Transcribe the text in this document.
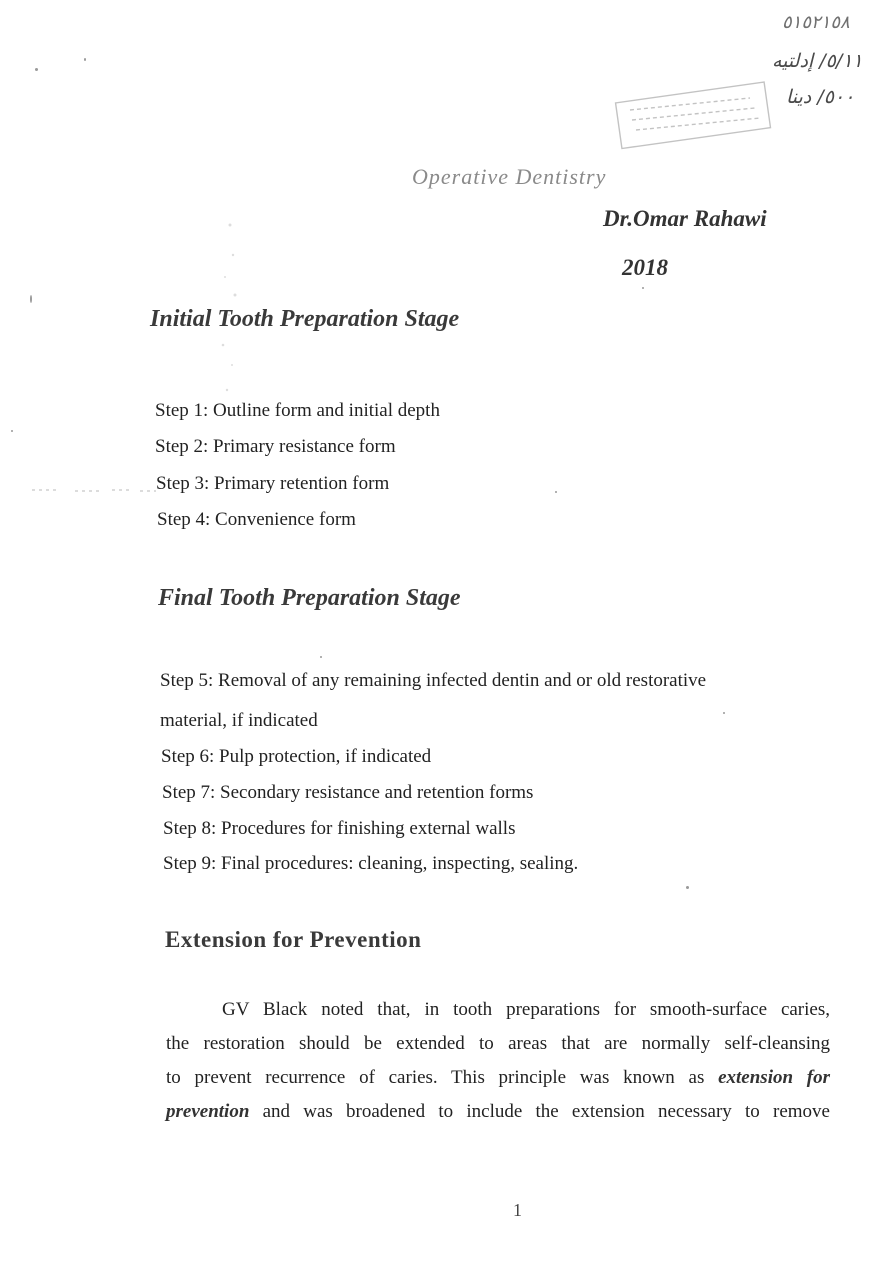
٥١٥٢١٥٨
٥/١١/ إدلتيه
٥٠٠/ دينا
Operative Dentistry
Dr.Omar Rahawi
2018
Initial Tooth Preparation Stage
Step 1: Outline form and initial depth
Step 2: Primary resistance form
Step 3: Primary retention form
Step 4: Convenience form
Final Tooth Preparation Stage
Step 5: Removal of any remaining infected dentin and or old restorative
material, if indicated
Step 6: Pulp protection, if indicated
Step 7: Secondary resistance and retention forms
Step 8: Procedures for finishing external walls
Step 9: Final procedures: cleaning, inspecting, sealing.
Extension for Prevention
GV Black noted that, in tooth preparations for smooth-surface caries,
the restoration should be extended to areas that are normally self-cleansing
to prevent recurrence of caries. This principle was known as extension for
prevention and was broadened to include the extension necessary to remove
1
